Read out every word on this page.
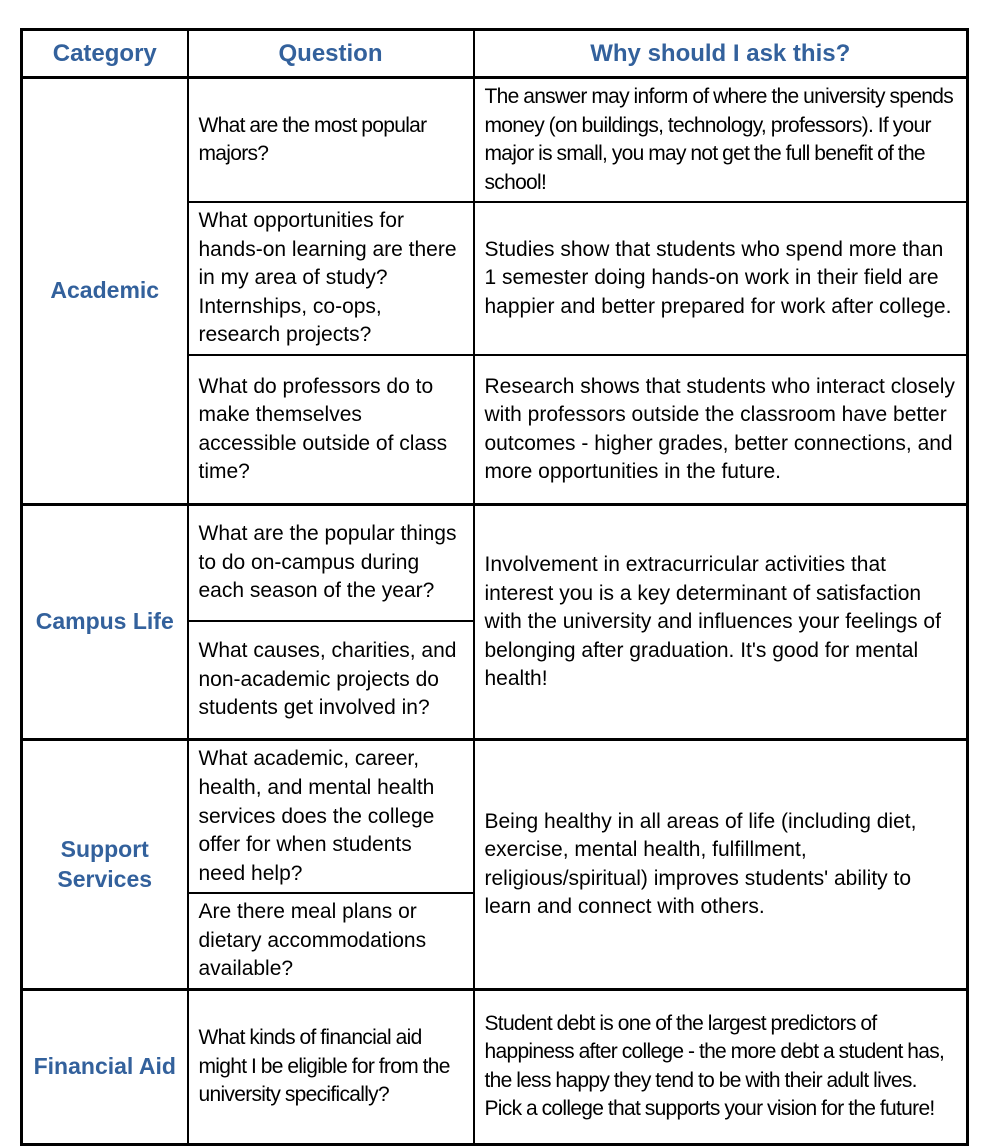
Category	Question	Why should I ask this?
Academic	What are the most popular majors?	The answer may inform of where the university spends money (on buildings, technology, professors). If your major is small, you may not get the full benefit of the school!
	What opportunities for hands-on learning are there in my area of study? Internships, co-ops, research projects?	Studies show that students who spend more than 1 semester doing hands-on work in their field are happier and better prepared for work after college.
	What do professors do to make themselves accessible outside of class time?	Research shows that students who interact closely with professors outside the classroom have better outcomes - higher grades, better connections, and more opportunities in the future.
Campus Life	What are the popular things to do on-campus during each season of the year?	Involvement in extracurricular activities that interest you is a key determinant of satisfaction with the university and influences your feelings of belonging after graduation. It's good for mental health!
	What causes, charities, and non-academic projects do students get involved in?	
Support Services	What academic, career, health, and mental health services does the college offer for when students need help?	Being healthy in all areas of life (including diet, exercise, mental health, fulfillment, religious/spiritual) improves students' ability to learn and connect with others.
	Are there meal plans or dietary accommodations available?	
Financial Aid	What kinds of financial aid might I be eligible for from the university specifically?	Student debt is one of the largest predictors of happiness after college - the more debt a student has, the less happy they tend to be with their adult lives. Pick a college that supports your vision for the future!
